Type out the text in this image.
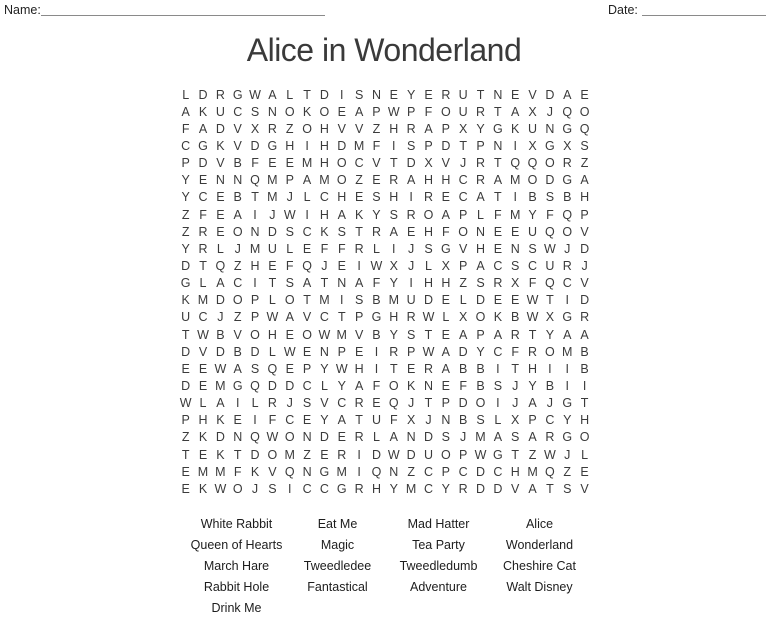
Name:	Date:
Alice in Wonderland
L D R G W A L T D I S N E Y E R U T N E V D A E
A K U C S N O K O E A P W P F O U R T A X J Q O
F A D V X R Z O H V V Z H R A P X Y G K U N G Q
C G K V D G H I H D M F I S P D T P N I X G X S
P D V B F E E M H O C V T D X V J R T Q Q O R Z
Y E N N Q M P A M O Z E R A H H C R A M O D G A
Y C E B T M J L C H E S H I R E C A T I B S B H
Z F E A I J W I H A K Y S R O A P L F M Y F Q P
Z R E O N D S C K S T R A E H F O N E E U Q O V
Y R L J M U L E F F R L I J S G V H E N S W J D
D T Q Z H E F Q J E I W X J L X P A C S C U R J
G L A C I T S A T N A F Y I H H Z S R X F Q C V
K M D O P L O T M I S B M U D E L D E E W T I D
U C J Z P W A V C T P G H R W L X O K B W X G R
T W B V O H E O W M V B Y S T E A P A R T Y A A
D V D B D L W E N P E I R P W A D Y C F R O M B
E E W A S Q E P Y W H I T E R A B B I T H I	I B
D E M G Q D D C L Y A F O K N E F B S J Y B I	I
W L A I L R J S V C R E Q J T P D O I J A J G T
P H K E I F C E Y A T U F X J N B S L X P C Y H
Z K D N Q W O N D E R L A N D S J M A S A R G O
T E K T D O M Z E R I D W D U O P W G T Z W J L
E M M F K V Q N G M I Q N Z C P C D C H M Q Z E
E K W O J S I C C G R H Y M C Y R D D V A T S V
White Rabbit	Eat Me	Mad Hatter	Alice
Queen of Hearts	Magic	Tea Party	Wonderland
March Hare	Tweedledee	Tweedledumb	Cheshire Cat
Rabbit Hole	Fantastical	Adventure	Walt Disney
Drink Me
